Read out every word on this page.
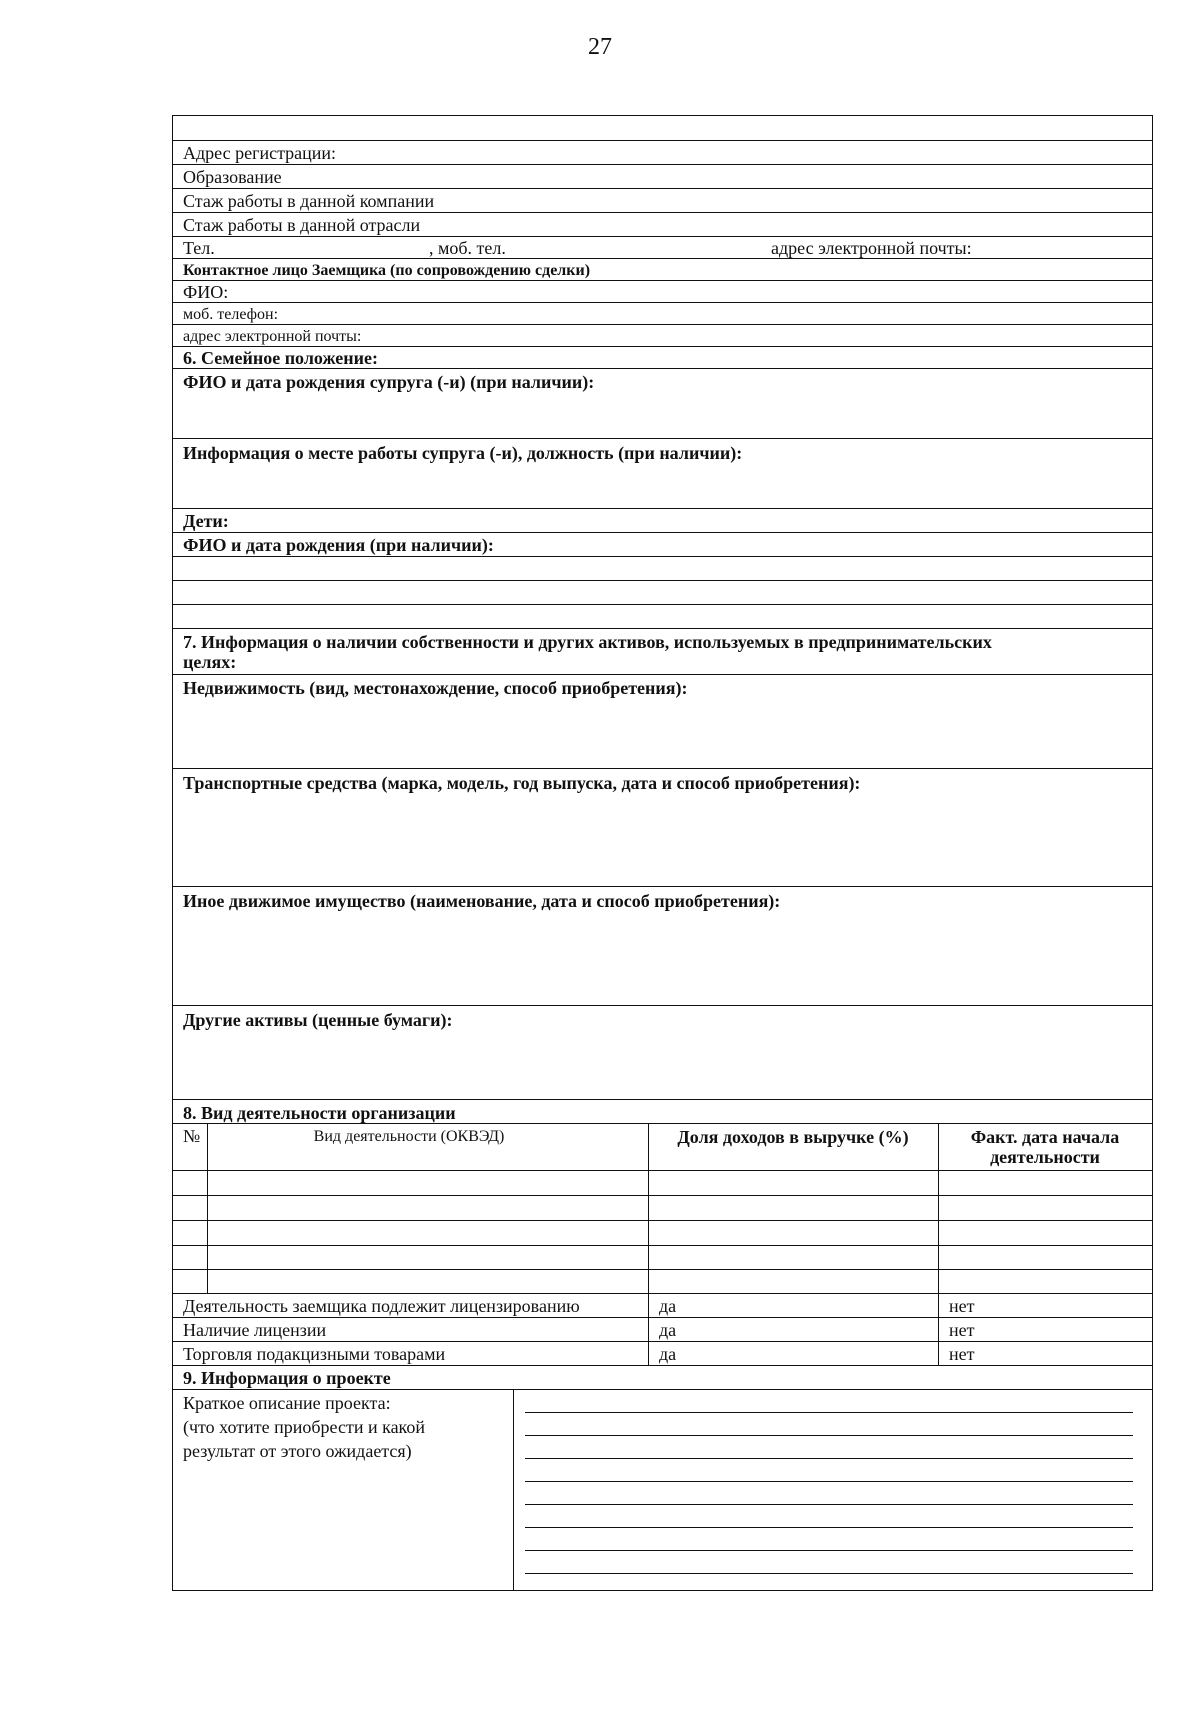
27
Адрес регистрации:
Образование
Стаж работы в данной компании
Стаж работы в данной отрасли
Тел.	, моб. тел.	адрес электронной почты:
Контактное лицо Заемщика (по сопровождению сделки)
ФИО:
моб. телефон:
адрес электронной почты:
6. Семейное положение:
ФИО и дата рождения супруга (-и) (при наличии):
Информация о месте работы супруга (-и), должность (при наличии):
Дети:
ФИО и дата рождения (при наличии):
7. Информация о наличии собственности и других активов, используемых в предпринимательских
целях:
Недвижимость (вид, местонахождение, способ приобретения):
Транспортные средства (марка, модель, год выпуска, дата и способ приобретения):
Иное движимое имущество (наименование, дата и способ приобретения):
Другие активы (ценные бумаги):
8. Вид деятельности организации
№	Вид деятельности (ОКВЭД)	Доля доходов в выручке (%)	Факт. дата начала деятельности
Деятельность заемщика подлежит лицензированию	да	нет
Наличие лицензии	да	нет
Торговля подакцизными товарами	да	нет
9. Информация о проекте
Краткое описание проекта:
(что хотите приобрести и какой
результат от этого ожидается)
